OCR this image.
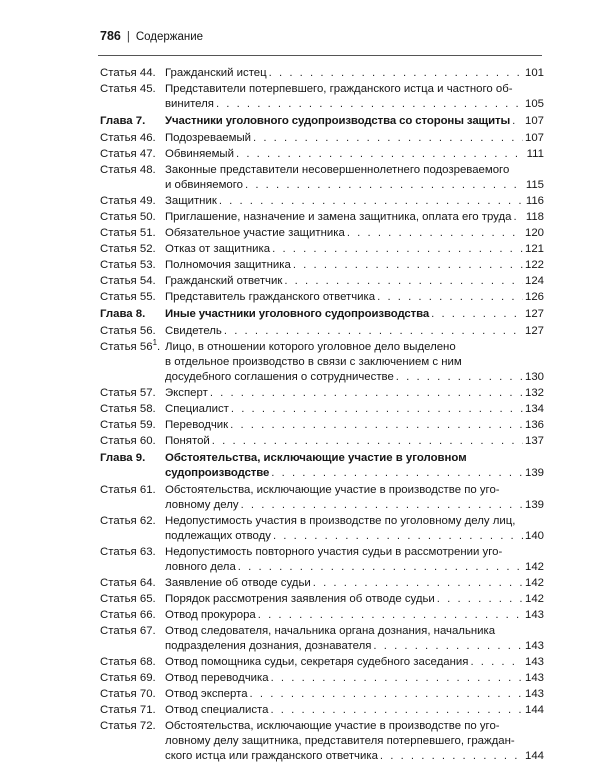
786 | Содержание
Статья 44. Гражданский истец . . .	101
Статья 45. Представители потерпевшего, гражданского истца и частного об-
винителя . . .	105
Глава 7.	Участники уголовного судопроизводства со стороны защиты . . . 107
Статья 46. Подозреваемый . . .	107
Статья 47. Обвиняемый . . .	111
Статья 48. Законные представители несовершеннолетнего подозреваемого
и обвиняемого . . .	115
Статья 49. Защитник . . .	116
Статья 50. Приглашение, назначение и замена защитника, оплата его труда . . . 118
Статья 51. Обязательное участие защитника . . .	120
Статья 52. Отказ от защитника . . .	121
Статья 53. Полномочия защитника . . .	122
Статья 54. Гражданский ответчик . . .	124
Статья 55. Представитель гражданского ответчика . . .	126
Глава 8.	Иные участники уголовного судопроизводства . . .	127
Статья 56. Свидетель . . .	127
Статья $56^1$. Лицо, в отношении которого уголовное дело выделено
в отдельное производство в связи с заключением с ним
досудебного соглашения о сотрудничестве . . .	130
Статья 57. Эксперт . . .	132
Статья 58. Специалист . . .	134
Статья 59. Переводчик . . .	136
Статья 60. Понятой . . .	137
Глава 9.	Обстоятельства, исключающие участие в уголовном
судопроизводстве . . .	139
Статья 61. Обстоятельства, исключающие участие в производстве по уго-
ловному делу . . .	139
Статья 62. Недопустимость участия в производстве по уголовному делу лиц,
подлежащих отводу . . .	140
Статья 63. Недопустимость повторного участия судьи в рассмотрении уго-
ловного дела . . .	142
Статья 64. Заявление об отводе судьи . . .	142
Статья 65. Порядок рассмотрения заявления об отводе судьи . . .	142
Статья 66. Отвод прокурора . . .	143
Статья 67. Отвод следователя, начальника органа дознания, начальника
подразделения дознания, дознавателя . . .	143
Статья 68. Отвод помощника судьи, секретаря судебного заседания . . .	143
Статья 69. Отвод переводчика . . .	143
Статья 70. Отвод эксперта . . .	143
Статья 71. Отвод специалиста . . .	144
Статья 72. Обстоятельства, исключающие участие в производстве по уго-
ловному делу защитника, представителя потерпевшего, граждан-
ского истца или гражданского ответчика . . .	144
